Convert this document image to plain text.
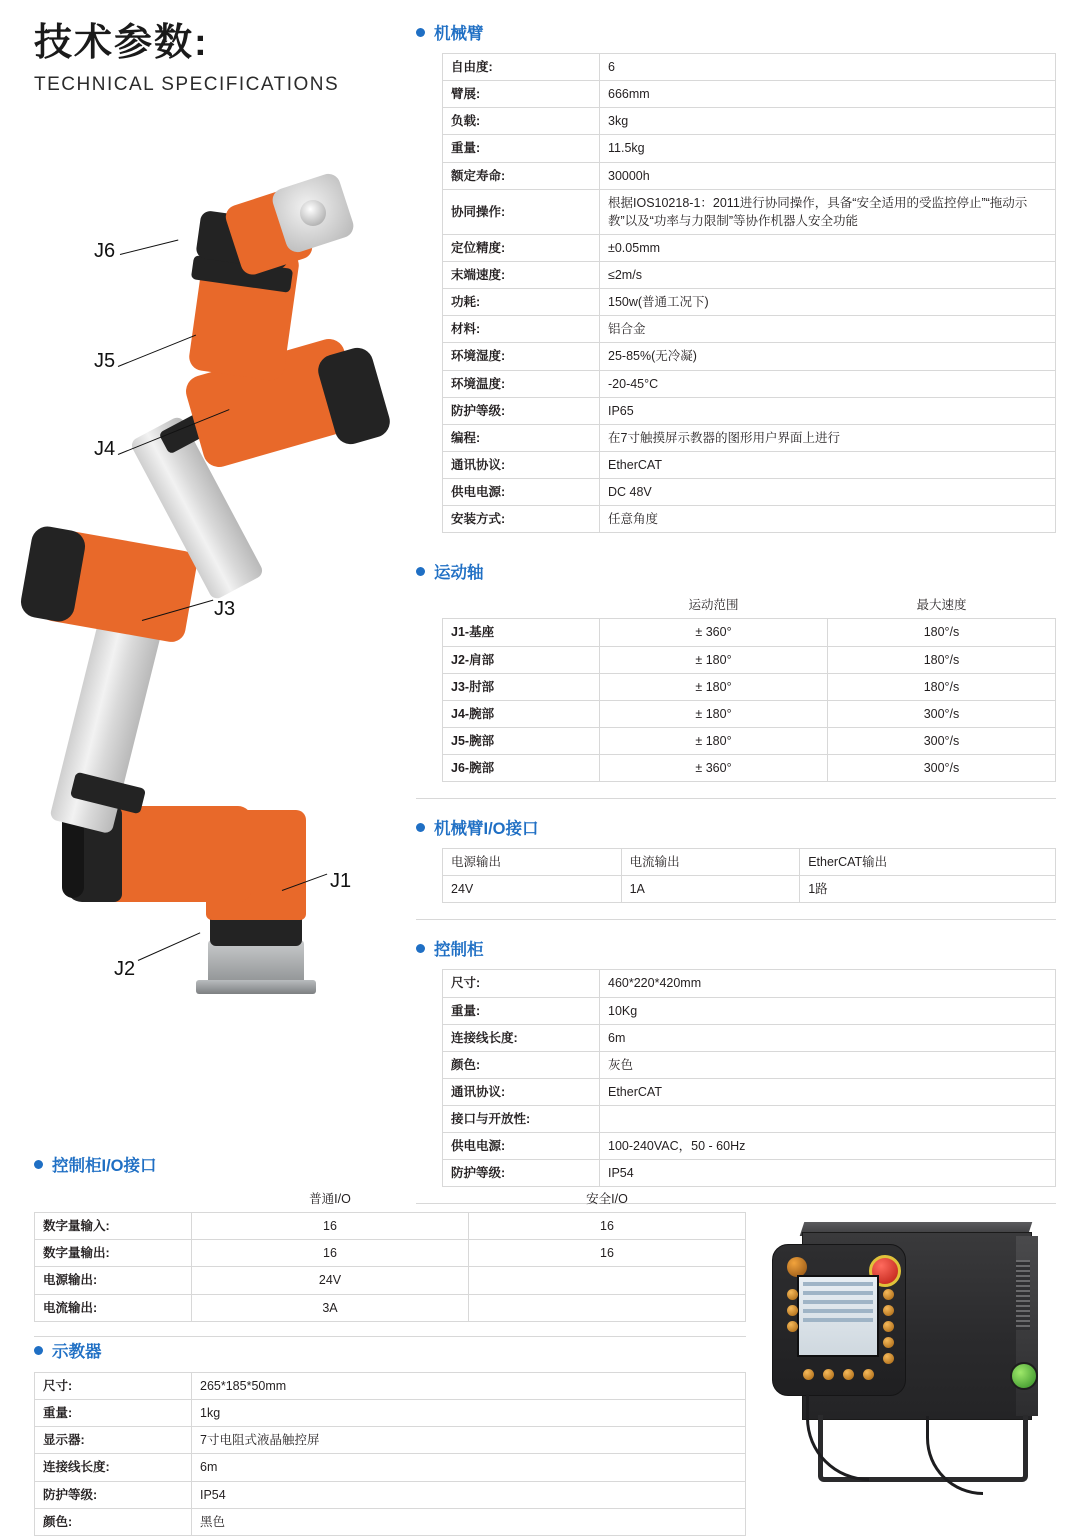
技术参数:
TECHNICAL SPECIFICATIONS
J6
J5
J4
J3
J1
J2
机械臂
自由度:	6
臂展:	666mm
负载:	3kg
重量:	11.5kg
额定寿命:	30000h
协同操作:	根据IOS10218-1：2011进行协同操作，具备“安全适用的受监控停止”“拖动示教”以及“功率与力限制”等协作机器人安全功能
定位精度:	±0.05mm
末端速度:	≤2m/s
功耗:	150w(普通工况下)
材料:	铝合金
环境湿度:	25-85%(无冷凝)
环境温度:	-20-45°C
防护等级:	IP65
编程:	在7寸触摸屏示教器的图形用户界面上进行
通讯协议:	EtherCAT
供电电源:	DC 48V
安装方式:	任意角度
运动轴
	运动范围	最大速度
J1-基座	± 360°	180°/s
J2-肩部	± 180°	180°/s
J3-肘部	± 180°	180°/s
J4-腕部	± 180°	300°/s
J5-腕部	± 180°	300°/s
J6-腕部	± 360°	300°/s
机械臂I/O接口
电源输出	电流输出	EtherCAT输出
24V	1A	1路
控制柜
尺寸:	460*220*420mm
重量:	10Kg
连接线长度:	6m
颜色:	灰色
通讯协议:	EtherCAT
接口与开放性:	
供电电源:	100-240VAC，50 - 60Hz
防护等级:	IP54
控制柜I/O接口
	普通I/O	安全I/O
数字量输入:	16	16
数字量输出:	16	16
电源输出:	24V	
电流输出:	3A	
示教器
尺寸:	265*185*50mm
重量:	1kg
显示器:	7寸电阻式液晶触控屏
连接线长度:	6m
防护等级:	IP54
颜色:	黑色
